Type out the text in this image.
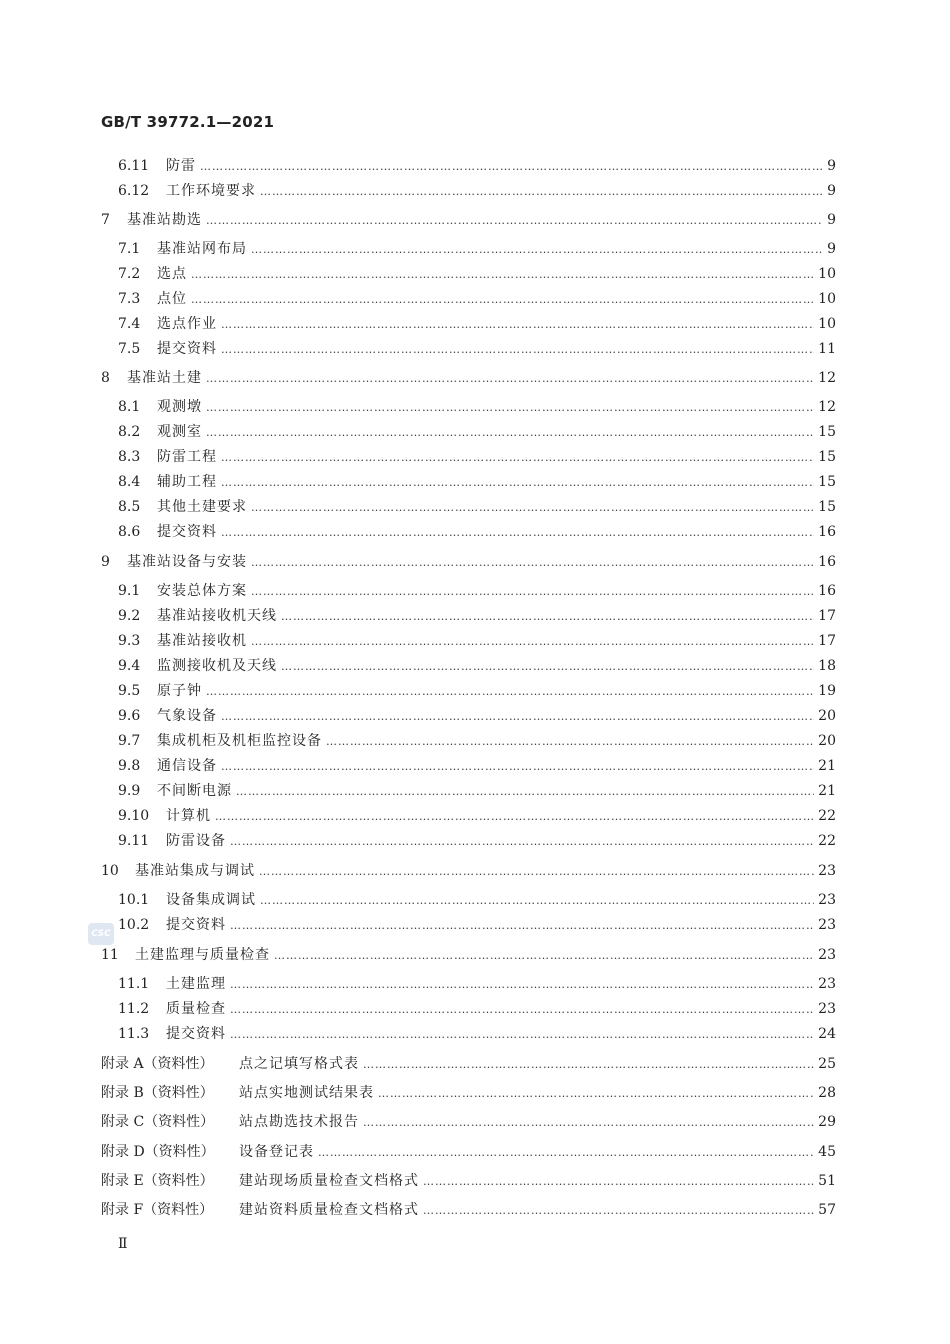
GB/T 39772.1—2021
CSC
6.11	防雷 ……………………………………………………………………………………………………………………………………………………………………………………………………………………	9
6.12	工作环境要求 ……………………………………………………………………………………………………………………………………………………………………………………………………………………	9
7	基准站勘选 ……………………………………………………………………………………………………………………………………………………………………………………………………………………	9
7.1	基准站网布局 ……………………………………………………………………………………………………………………………………………………………………………………………………………………	9
7.2	选点 ……………………………………………………………………………………………………………………………………………………………………………………………………………………	10
7.3	点位 ……………………………………………………………………………………………………………………………………………………………………………………………………………………	10
7.4	选点作业 ……………………………………………………………………………………………………………………………………………………………………………………………………………………	10
7.5	提交资料 ……………………………………………………………………………………………………………………………………………………………………………………………………………………	11
8	基准站土建 ……………………………………………………………………………………………………………………………………………………………………………………………………………………	12
8.1	观测墩 ……………………………………………………………………………………………………………………………………………………………………………………………………………………	12
8.2	观测室 ……………………………………………………………………………………………………………………………………………………………………………………………………………………	15
8.3	防雷工程 ……………………………………………………………………………………………………………………………………………………………………………………………………………………	15
8.4	辅助工程 ……………………………………………………………………………………………………………………………………………………………………………………………………………………	15
8.5	其他土建要求 ……………………………………………………………………………………………………………………………………………………………………………………………………………………	15
8.6	提交资料 ……………………………………………………………………………………………………………………………………………………………………………………………………………………	16
9	基准站设备与安装 ……………………………………………………………………………………………………………………………………………………………………………………………………………………	16
9.1	安装总体方案 ……………………………………………………………………………………………………………………………………………………………………………………………………………………	16
9.2	基准站接收机天线 ……………………………………………………………………………………………………………………………………………………………………………………………………………………	17
9.3	基准站接收机 ……………………………………………………………………………………………………………………………………………………………………………………………………………………	17
9.4	监测接收机及天线 ……………………………………………………………………………………………………………………………………………………………………………………………………………………	18
9.5	原子钟 ……………………………………………………………………………………………………………………………………………………………………………………………………………………	19
9.6	气象设备 ……………………………………………………………………………………………………………………………………………………………………………………………………………………	20
9.7	集成机柜及机柜监控设备 ……………………………………………………………………………………………………………………………………………………………………………………………………………………	20
9.8	通信设备 ……………………………………………………………………………………………………………………………………………………………………………………………………………………	21
9.9	不间断电源 ……………………………………………………………………………………………………………………………………………………………………………………………………………………	21
9.10	计算机 ……………………………………………………………………………………………………………………………………………………………………………………………………………………	22
9.11	防雷设备 ……………………………………………………………………………………………………………………………………………………………………………………………………………………	22
10	基准站集成与调试 ……………………………………………………………………………………………………………………………………………………………………………………………………………………	23
10.1	设备集成调试 ……………………………………………………………………………………………………………………………………………………………………………………………………………………	23
10.2	提交资料 ……………………………………………………………………………………………………………………………………………………………………………………………………………………	23
11	土建监理与质量检查 ……………………………………………………………………………………………………………………………………………………………………………………………………………………	23
11.1	土建监理 ……………………………………………………………………………………………………………………………………………………………………………………………………………………	23
11.2	质量检查 ……………………………………………………………………………………………………………………………………………………………………………………………………………………	23
11.3	提交资料 ……………………………………………………………………………………………………………………………………………………………………………………………………………………	24
附录 A（资料性）	点之记填写格式表 ……………………………………………………………………………………………………………………………………………………………………………………………………………………	25
附录 B（资料性）	站点实地测试结果表 ……………………………………………………………………………………………………………………………………………………………………………………………………………………	28
附录 C（资料性）	站点勘选技术报告 ……………………………………………………………………………………………………………………………………………………………………………………………………………………	29
附录 D（资料性）	设备登记表 ……………………………………………………………………………………………………………………………………………………………………………………………………………………	45
附录 E（资料性）	建站现场质量检查文档格式 ……………………………………………………………………………………………………………………………………………………………………………………………………………………	51
附录 F（资料性）	建站资料质量检查文档格式 ……………………………………………………………………………………………………………………………………………………………………………………………………………………	57
Ⅱ
